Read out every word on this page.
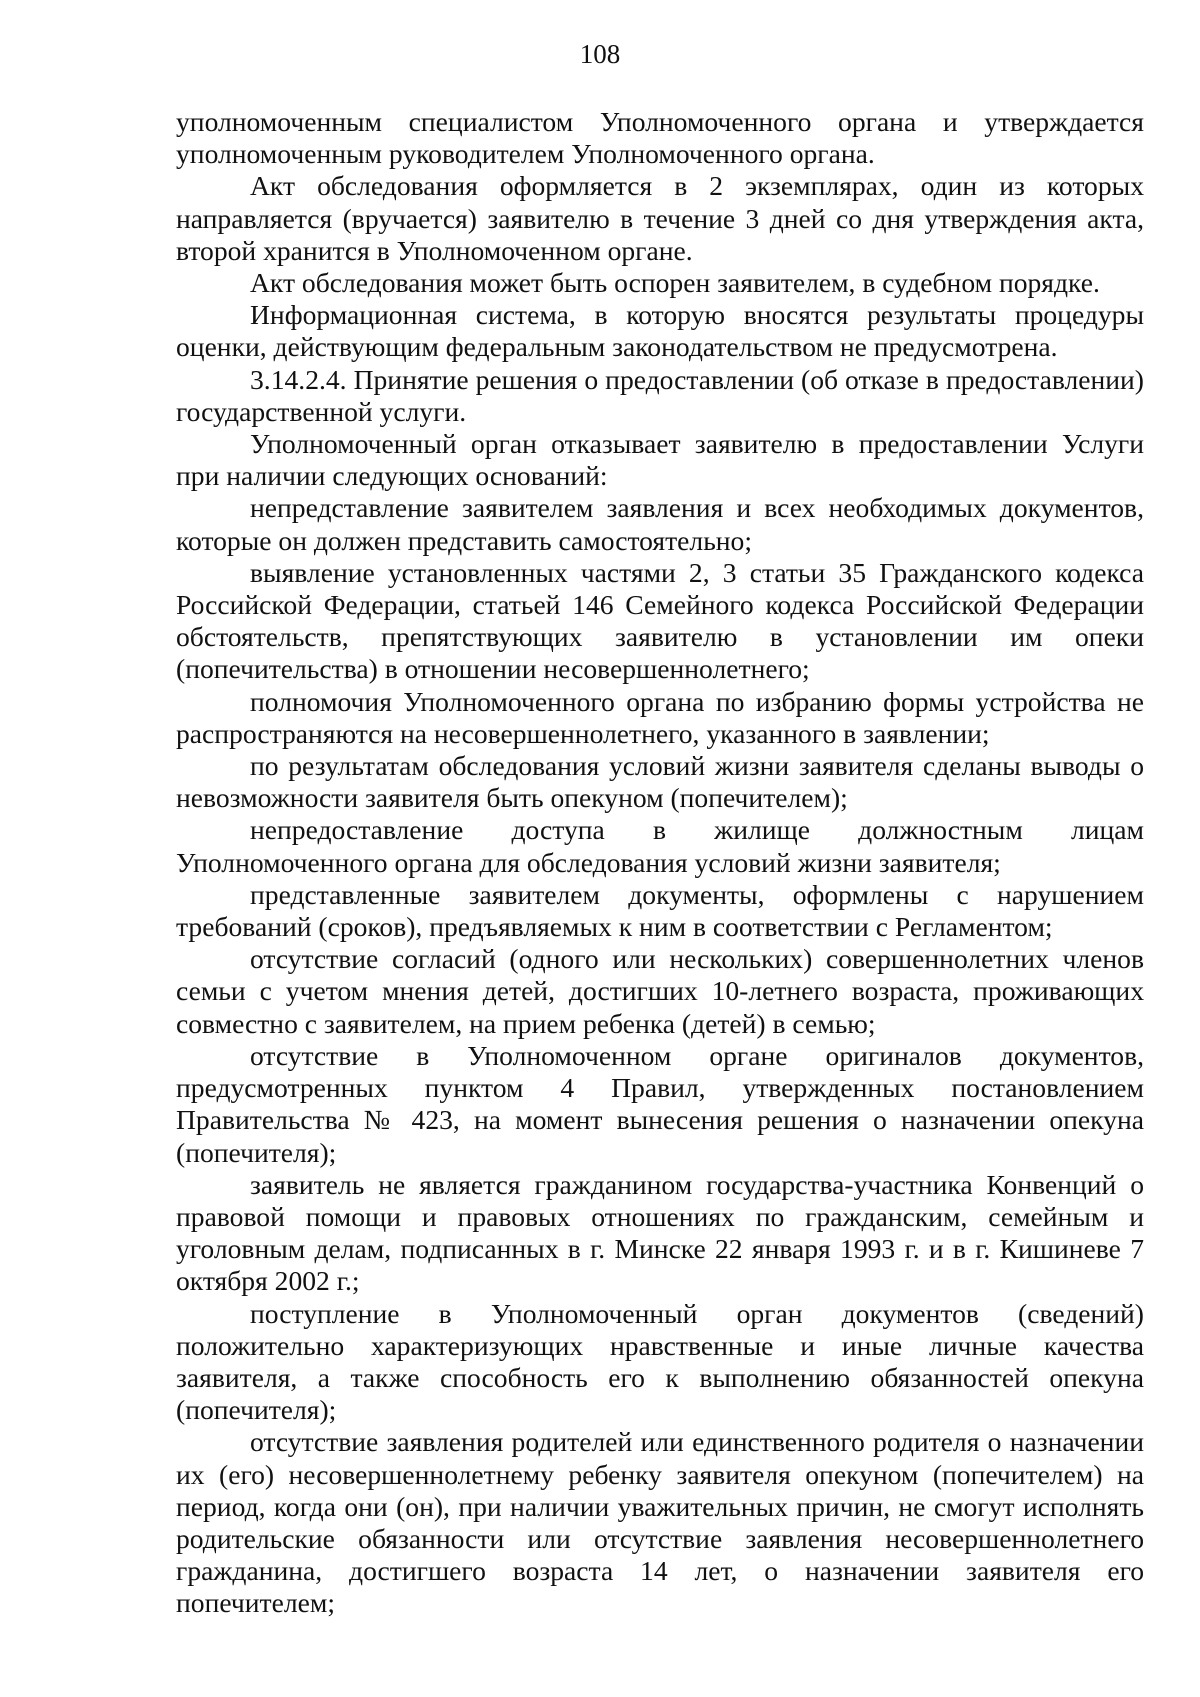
108

уполномоченным специалистом Уполномоченного органа и утверждается уполномоченным руководителем Уполномоченного органа.

Акт обследования оформляется в 2 экземплярах, один из которых направляется (вручается) заявителю в течение 3 дней со дня утверждения акта, второй хранится в Уполномоченном органе.

Акт обследования может быть оспорен заявителем, в судебном порядке.

Информационная система, в которую вносятся результаты процедуры оценки, действующим федеральным законодательством не предусмотрена.

3.14.2.4. Принятие решения о предоставлении (об отказе в предоставлении) государственной услуги.

Уполномоченный орган отказывает заявителю в предоставлении Услуги при наличии следующих оснований:

непредставление заявителем заявления и всех необходимых документов, которые он должен представить самостоятельно;

выявление установленных частями 2, 3 статьи 35 Гражданского кодекса Российской Федерации, статьей 146 Семейного кодекса Российской Федерации обстоятельств, препятствующих заявителю в установлении им опеки (попечительства) в отношении несовершеннолетнего;

полномочия Уполномоченного органа по избранию формы устройства не распространяются на несовершеннолетнего, указанного в заявлении;

по результатам обследования условий жизни заявителя сделаны выводы о невозможности заявителя быть опекуном (попечителем);

непредоставление доступа в жилище должностным лицам Уполномоченного органа для обследования условий жизни заявителя;

представленные заявителем документы, оформлены с нарушением требований (сроков), предъявляемых к ним в соответствии с Регламентом;

отсутствие согласий (одного или нескольких) совершеннолетних членов семьи с учетом мнения детей, достигших 10-летнего возраста, проживающих совместно с заявителем, на прием ребенка (детей) в семью;

отсутствие в Уполномоченном органе оригиналов документов, предусмотренных пунктом 4 Правил, утвержденных постановлением Правительства № 423, на момент вынесения решения о назначении опекуна (попечителя);

заявитель не является гражданином государства-участника Конвенций о правовой помощи и правовых отношениях по гражданским, семейным и уголовным делам, подписанных в г. Минске 22 января 1993 г. и в г. Кишиневе 7 октября 2002 г.;

поступление в Уполномоченный орган документов (сведений) положительно характеризующих нравственные и иные личные качества заявителя, а также способность его к выполнению обязанностей опекуна (попечителя);

отсутствие заявления родителей или единственного родителя о назначении их (его) несовершеннолетнему ребенку заявителя опекуном (попечителем) на период, когда они (он), при наличии уважительных причин, не смогут исполнять родительские обязанности или отсутствие заявления несовершеннолетнего гражданина, достигшего возраста 14 лет, о назначении заявителя его попечителем;
